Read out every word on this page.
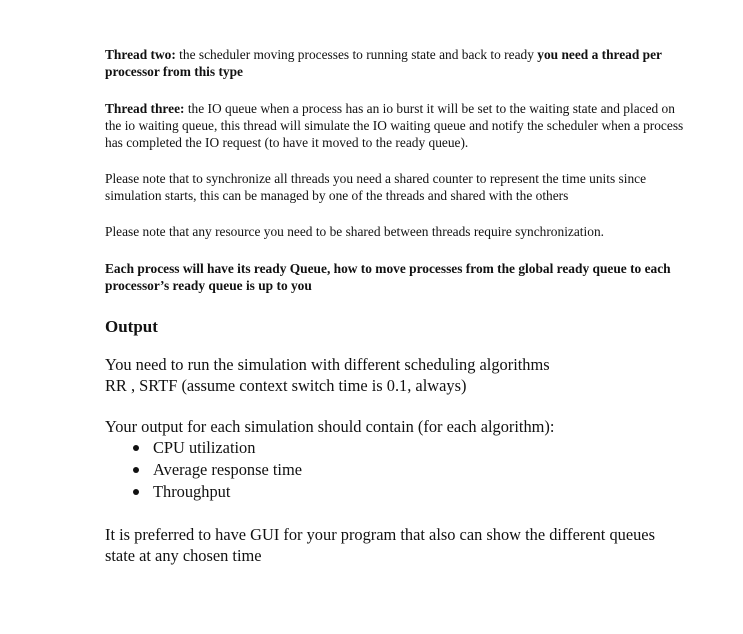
Thread two: the scheduler moving processes to running state and back to ready you need a thread per processor from this type

Thread three: the IO queue when a process has an io burst it will be set to the waiting state and placed on the io waiting queue, this thread will simulate the IO waiting queue and notify the scheduler when a process has completed the IO request (to have it moved to the ready queue).

Please note that to synchronize all threads you need a shared counter to represent the time units since simulation starts, this can be managed by one of the threads and shared with the others

Please note that any resource you need to be shared between threads require synchronization.

Each process will have its ready Queue, how to move processes from the global ready queue to each processor’s ready queue is up to you

Output

You need to run the simulation with different scheduling algorithms
RR , SRTF (assume context switch time is 0.1, always)

Your output for each simulation should contain (for each algorithm):

CPU utilization
Average response time
Throughput

It is preferred to have GUI for your program that also can show the different queues state at any chosen time
